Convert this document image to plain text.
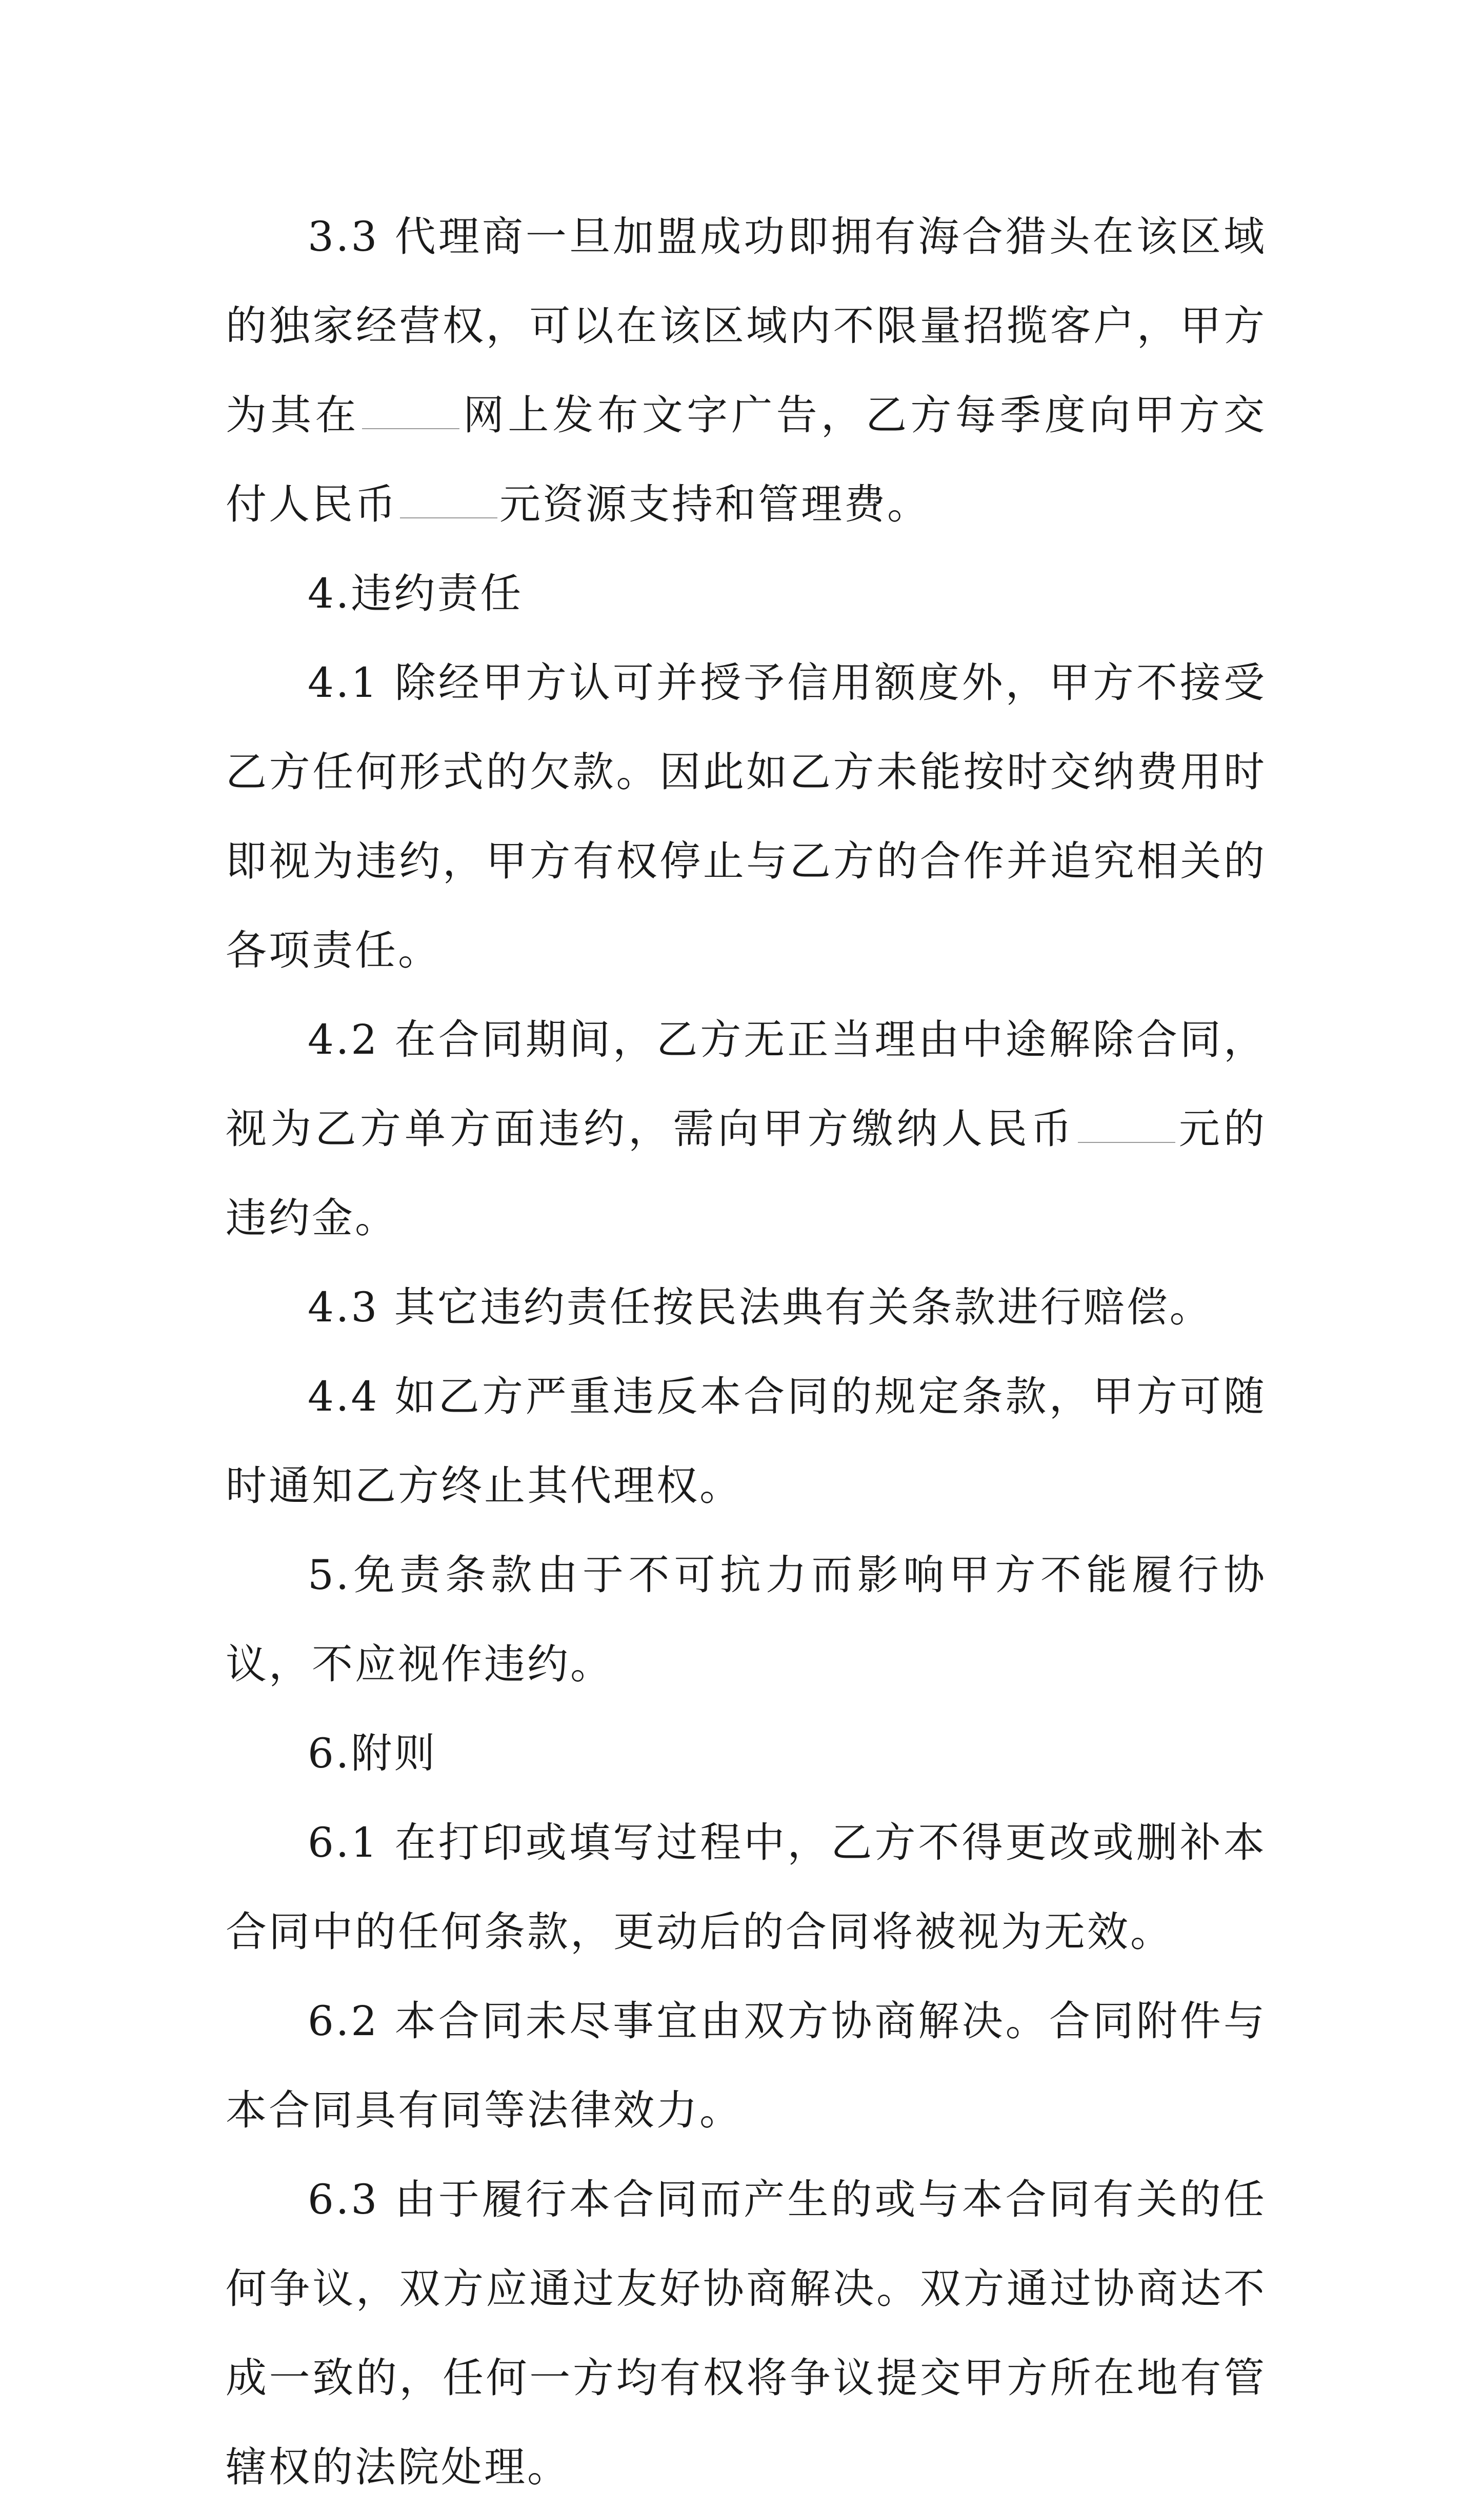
3.3 代理商一旦加盟成功即拥有海合猎头在该区域的独家经营权，可以在该区域内不限量招揽客户，甲方为其在 网上发布文字广告，乙方每季度向甲方交付人民币 元资源支持和管理费。

4.违约责任

4.1 除经甲方认可并授予信用额度外，甲方不接受乙方任何形式的欠款。因此如乙方未能按时交纳费用时即视为违约，甲方有权停止与乙方的合作并追究相关的各项责任。

4.2 在合同期间，乙方无正当理由中途解除合同，视为乙方单方面违约，需向甲方缴纳人民币 元的违约金。

4.3 其它违约责任按民法典有关条款进行赔偿。

4.4 如乙方严重违反本合同的规定条款，甲方可随时通知乙方终止其代理权。

5.免责条款由于不可抗力而影响甲方不能履行协议，不应视作违约。

6.附则

6.1 在打印或填写过程中，乙方不得更改或删补本合同中的任何条款，更动后的合同将被视为无效。

6.2 本合同未尽事宜由双方协商解决。合同附件与本合同具有同等法律效力。

6.3 由于履行本合同而产生的或与本合同有关的任何争议，双方应通过友好协商解决。双方通过协商达不成一致的，任何一方均有权将争议提交甲方所在地有管辖权的法院处理。
